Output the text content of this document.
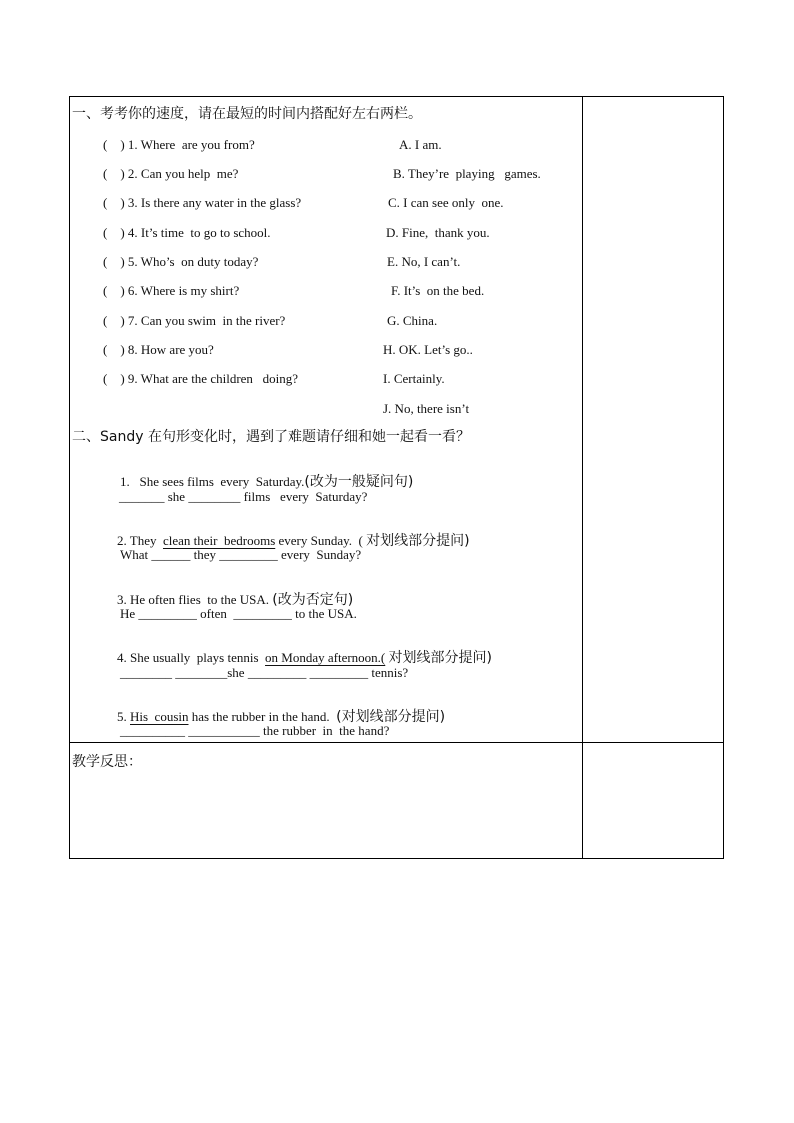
一、考考你的速度，请在最短的时间内搭配好左右两栏。
(    ) 1. Where  are you from?	A. I am.
(    ) 2. Can you help  me?	B. They’re  playing   games.
(    ) 3. Is there any water in the glass?	C. I can see only  one.
(    ) 4. It’s time  to go to school.	D. Fine,  thank you.
(    ) 5. Who’s  on duty today?	E. No, I can’t.
(    ) 6. Where is my shirt?	F. It’s  on the bed.
(    ) 7. Can you swim  in the river?	G. China.
(    ) 8. How are you?	H. OK. Let’s go..
(    ) 9. What are the children   doing?	I. Certainly.
J. No, there isn’t
二、Sandy 在句形变化时，遇到了难题请仔细和她一起看一看？

1.   She sees films  every  Saturday.(改为一般疑问句)

_______ she ________ films   every  Saturday?

2. They  clean their  bedrooms every Sunday.  ( 对划线部分提问)

What ______ they _________ every  Sunday?

3. He often flies  to the USA. (改为否定句)

He _________ often  _________ to the USA.

4. She usually  plays tennis  on Monday afternoon.( 对划线部分提问)

________ ________she _________ _________ tennis?

5. His  cousin has the rubber in the hand.  (对划线部分提问)

__________ ___________ the rubber  in  the hand?
教学反思：
